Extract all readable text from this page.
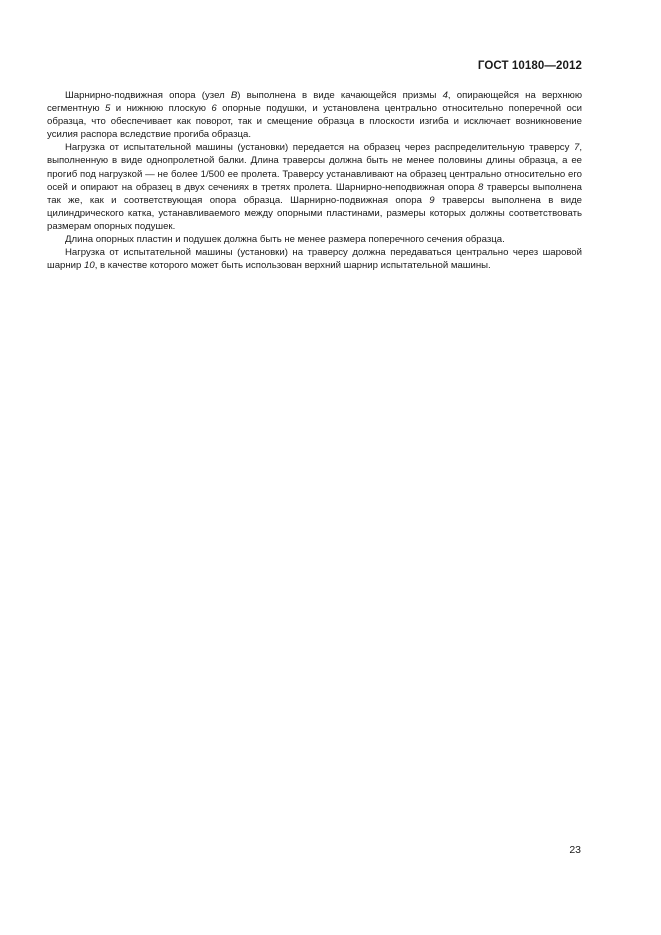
ГОСТ 10180—2012

Шарнирно-подвижная опора (узел В) выполнена в виде качающейся призмы 4, опирающейся на верхнюю сегментную 5 и нижнюю плоскую 6 опорные подушки, и установлена центрально относительно поперечной оси образца, что обеспечивает как поворот, так и смещение образца в плоскости изгиба и исключает возникновение усилия распора вследствие прогиба образца.

Нагрузка от испытательной машины (установки) передается на образец через распределительную траверсу 7, выполненную в виде однопролетной балки. Длина траверсы должна быть не менее половины длины образца, а ее прогиб под нагрузкой — не более 1/500 ее пролета. Траверсу устанавливают на образец центрально относительно его осей и опирают на образец в двух сечениях в третях пролета. Шарнирно-неподвижная опора 8 траверсы выполнена так же, как и соответствующая опора образца. Шарнирно-подвижная опора 9 траверсы выполнена в виде цилиндрического катка, устанавливаемого между опорными пластинами, размеры которых должны соответствовать размерам опорных подушек.

Длина опорных пластин и подушек должна быть не менее размера поперечного сечения образца.

Нагрузка от испытательной машины (установки) на траверсу должна передаваться центрально через шаровой шарнир 10, в качестве которого может быть использован верхний шарнир испытательной машины.

23
